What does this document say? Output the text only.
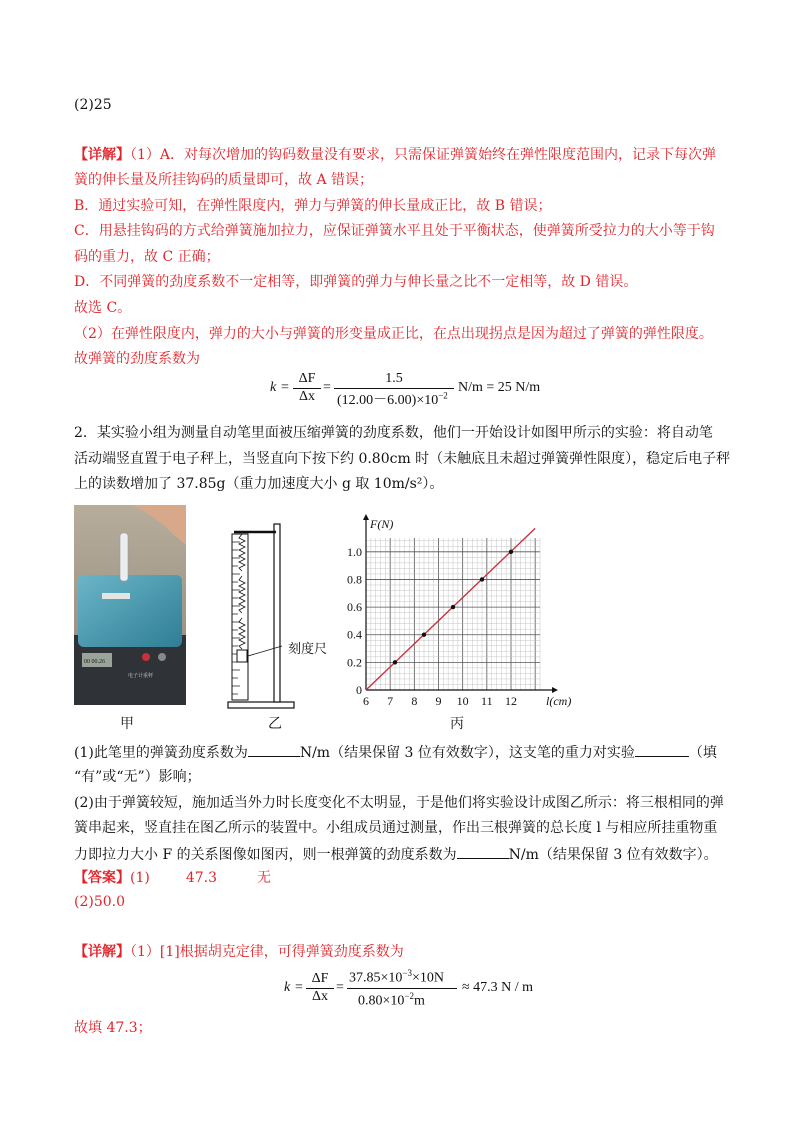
(2)25
【详解】（1）A．对每次增加的钩码数量没有要求，只需保证弹簧始终在弹性限度范围内，记录下每次弹
簧的伸长量及所挂钩码的质量即可，故 A 错误；
B．通过实验可知，在弹性限度内，弹力与弹簧的伸长量成正比，故 B 错误；
C．用悬挂钩码的方式给弹簧施加拉力，应保证弹簧水平且处于平衡状态，使弹簧所受拉力的大小等于钩
码的重力，故 C 正确；
D．不同弹簧的劲度系数不一定相等，即弹簧的弹力与伸长量之比不一定相等，故 D 错误。
故选 C。
（2）在弹性限度内，弹力的大小与弹簧的形变量成正比，在点出现拐点是因为超过了弹簧的弹性限度。
故弹簧的劲度系数为
k =
ΔF
Δx
=
1.5
$(12.00-6.00)\times 10^{-2}$
N/m = 25 N/m
2．某实验小组为测量自动笔里面被压缩弹簧的劲度系数，他们一开始设计如图甲所示的实验：将自动笔
活动端竖直置于电子秤上，当竖直向下按下约 0.80cm 时（未触底且未超过弹簧弹性限度），稳定后电子秤
上的读数增加了 37.85g（重力加速度大小 g 取 10m/s²）。
00 00.26
电子计重秤
刻度尺
6 7 8 9 10 11 12
0
0.2
0.4
0.6
0.8
1.0
l(cm)
F(N)
甲	乙	丙
(1)此笔里的弹簧劲度系数为	N/m（结果保留 3 位有效数字），这支笔的重力对实验	（填
“有”或“无”）影响；
(2)由于弹簧较短，施加适当外力时长度变化不太明显，于是他们将实验设计成图乙所示：将三根相同的弹
簧串起来，竖直挂在图乙所示的装置中。小组成员通过测量，作出三根弹簧的总长度 l 与相应所挂重物重
力即拉力大小 F 的关系图像如图丙，则一根弹簧的劲度系数为	N/m（结果保留 3 位有效数字）。
【答案】(1)	47.3	无
(2)50.0
【详解】（1）[1]根据胡克定律，可得弹簧劲度系数为
k =
ΔF
Δx
=
$37.85\times 10^{-3}\times 10N$
$0.80\times 10^{-2}m$
≈ 47.3 N / m
故填 47.3；
